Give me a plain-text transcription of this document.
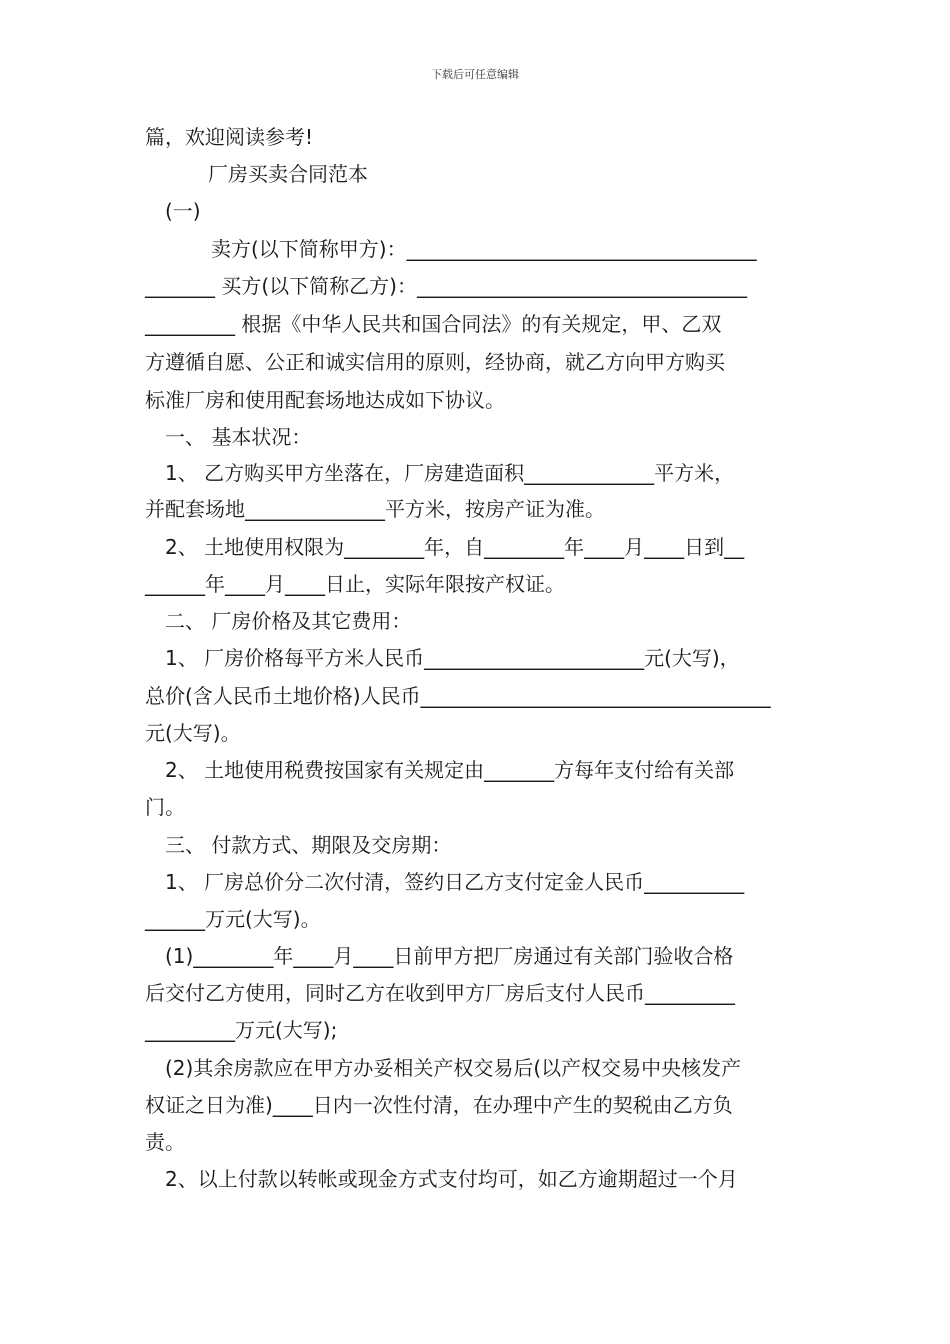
下载后可任意编辑
篇，欢迎阅读参考!
厂房买卖合同范本
(一)
卖方(以下简称甲方)：___________________________________
_______ 买方(以下简称乙方)：_________________________________
_________ 根据《中华人民共和国合同法》的有关规定，甲、乙双
方遵循自愿、公正和诚实信用的原则，经协商，就乙方向甲方购买
标准厂房和使用配套场地达成如下协议。
一、 基本状况：
1、 乙方购买甲方坐落在，厂房建造面积_____________平方米，
并配套场地______________平方米，按房产证为准。
2、 土地使用权限为________年，自________年____月____日到__
______年____月____日止，实际年限按产权证。
二、 厂房价格及其它费用：
1、 厂房价格每平方米人民币______________________元(大写)，
总价(含人民币土地价格)人民币___________________________________
元(大写)。
2、 土地使用税费按国家有关规定由_______方每年支付给有关部
门。
三、 付款方式、期限及交房期：
1、 厂房总价分二次付清，签约日乙方支付定金人民币__________
______万元(大写)。
(1)________年____月____日前甲方把厂房通过有关部门验收合格
后交付乙方使用，同时乙方在收到甲方厂房后支付人民币_________
_________万元(大写);
(2)其余房款应在甲方办妥相关产权交易后(以产权交易中央核发产
权证之日为准)____日内一次性付清，在办理中产生的契税由乙方负
责。
2、以上付款以转帐或现金方式支付均可，如乙方逾期超过一个月
